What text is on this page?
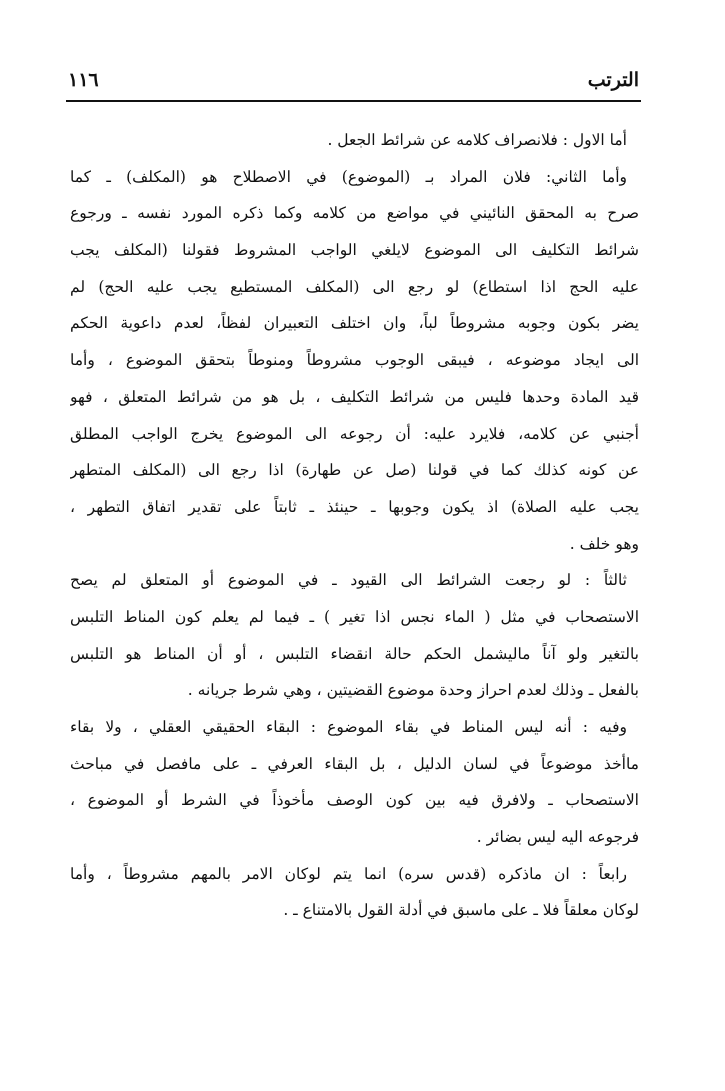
الترتب
١١٦
أما الاول : فلانصراف كلامه عن شرائط الجعل .
وأما الثاني: فلان المراد بـ (الموضوع) في الاصطلاح هو (المكلف) ـ كما
صرح به المحقق النائيني في مواضع من كلامه وكما ذكره المورد نفسه ـ ورجوع
شرائط التكليف الى الموضوع لايلغي الواجب المشروط فقولنا (المكلف يجب
عليه الحج اذا استطاع) لو رجع الى (المكلف المستطيع يجب عليه الحج) لم
يضر بكون وجوبه مشروطاً لباً، وان اختلف التعبيران لفظاً، لعدم داعوية الحكم
الى ايجاد موضوعه ، فيبقى الوجوب مشروطاً ومنوطاً بتحقق الموضوع ، وأما
قيد المادة وحدها فليس من شرائط التكليف ، بل هو من شرائط المتعلق ، فهو
أجنبي عن كلامه، فلايرد عليه: أن رجوعه الى الموضوع يخرج الواجب المطلق
عن كونه كذلك كما في قولنا (صل عن طهارة) اذا رجع الى (المكلف المتطهر
يجب عليه الصلاة) اذ يكون وجوبها ـ حينئذ ـ ثابتاً على تقدير اتفاق التطهر ،
وهو خلف .
ثالثاً : لو رجعت الشرائط الى القيود ـ في الموضوع أو المتعلق لم يصح
الاستصحاب في مثل ( الماء نجس اذا تغير ) ـ فيما لم يعلم كون المناط التلبس
بالتغير ولو آناً ماليشمل الحكم حالة انقضاء التلبس ، أو أن المناط هو التلبس
بالفعل ـ وذلك لعدم احراز وحدة موضوع القضيتين ، وهي شرط جريانه .
وفيه : أنه ليس المناط في بقاء الموضوع : البقاء الحقيقي العقلي ، ولا بقاء
ماأخذ موضوعاً في لسان الدليل ، بل البقاء العرفي ـ على مافصل في مباحث
الاستصحاب ـ ولافرق فيه بين كون الوصف مأخوذاً في الشرط أو الموضوع ،
فرجوعه اليه ليس بضائر .
رابعاً : ان ماذكره (قدس سره) انما يتم لوكان الامر بالمهم مشروطاً ، وأما
لوكان معلقاً فلا ـ على ماسبق في أدلة القول بالامتناع ـ .
